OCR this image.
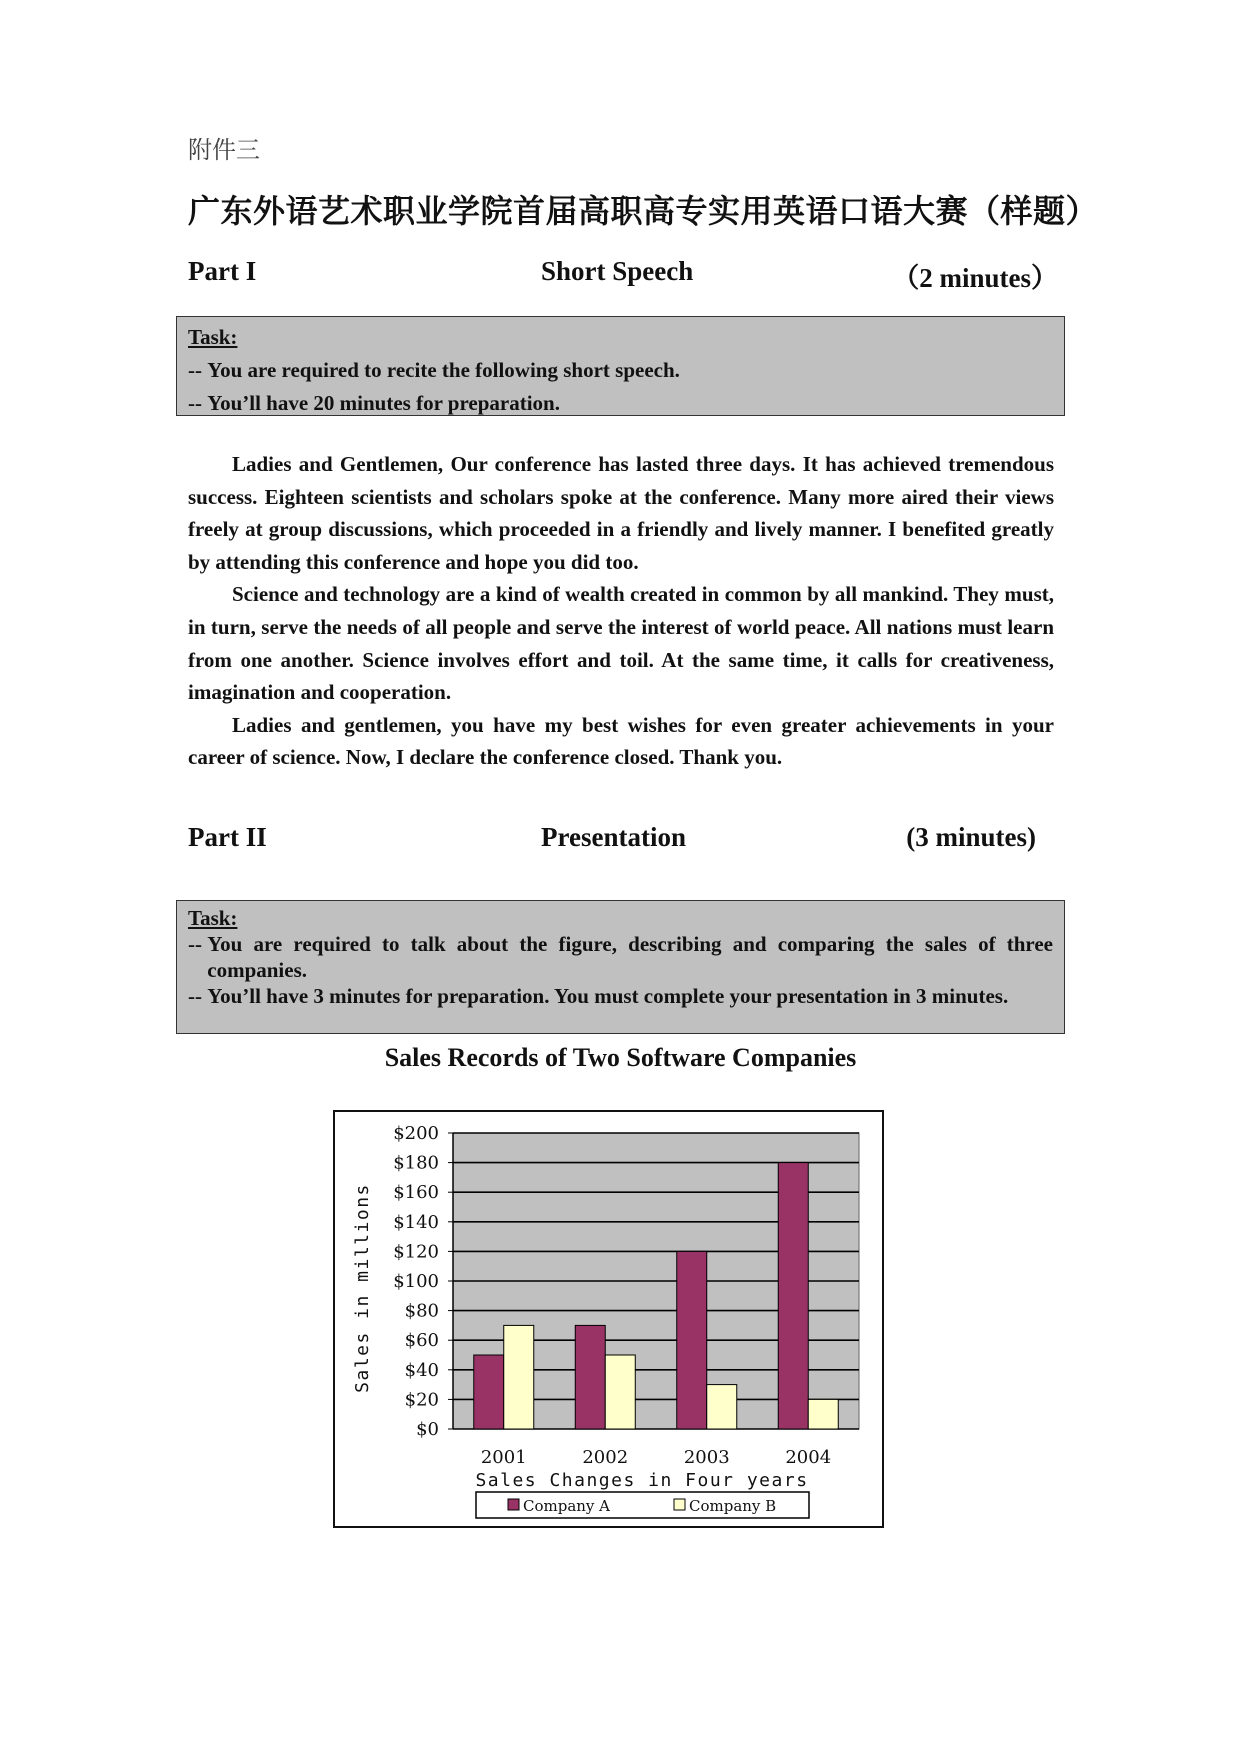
附件三
广东外语艺术职业学院首届高职高专实用英语口语大赛（样题）
Part I	Short Speech	（2 minutes）
Task:
-- You are required to recite the following short speech.
-- You’ll have 20 minutes for preparation.

Ladies and Gentlemen, Our conference has lasted three days. It has achieved tremendous success. Eighteen scientists and scholars spoke at the conference. Many more aired their views freely at group discussions, which proceeded in a friendly and lively manner. I benefited greatly by attending this conference and hope you did too.

Science and technology are a kind of wealth created in common by all mankind. They must, in turn, serve the needs of all people and serve the interest of world peace. All nations must learn from one another. Science involves effort and toil. At the same time, it calls for creativeness, imagination and cooperation.

Ladies and gentlemen, you have my best wishes for even greater achievements in your career of science. Now, I declare the conference closed. Thank you.

Part II	Presentation	(3 minutes)
Task:
-- You are required to talk about the figure, describing and comparing the sales of three companies.
-- You’ll have 3 minutes for preparation. You must complete your presentation in 3 minutes.
Sales Records of Two Software Companies
$0
$20
$40
$60
$80
$100
$120
$140
$160
$180
$200
2001	2002	2003	2004
Sales Changes in Four years
Sales in millions
Company A	Company B
